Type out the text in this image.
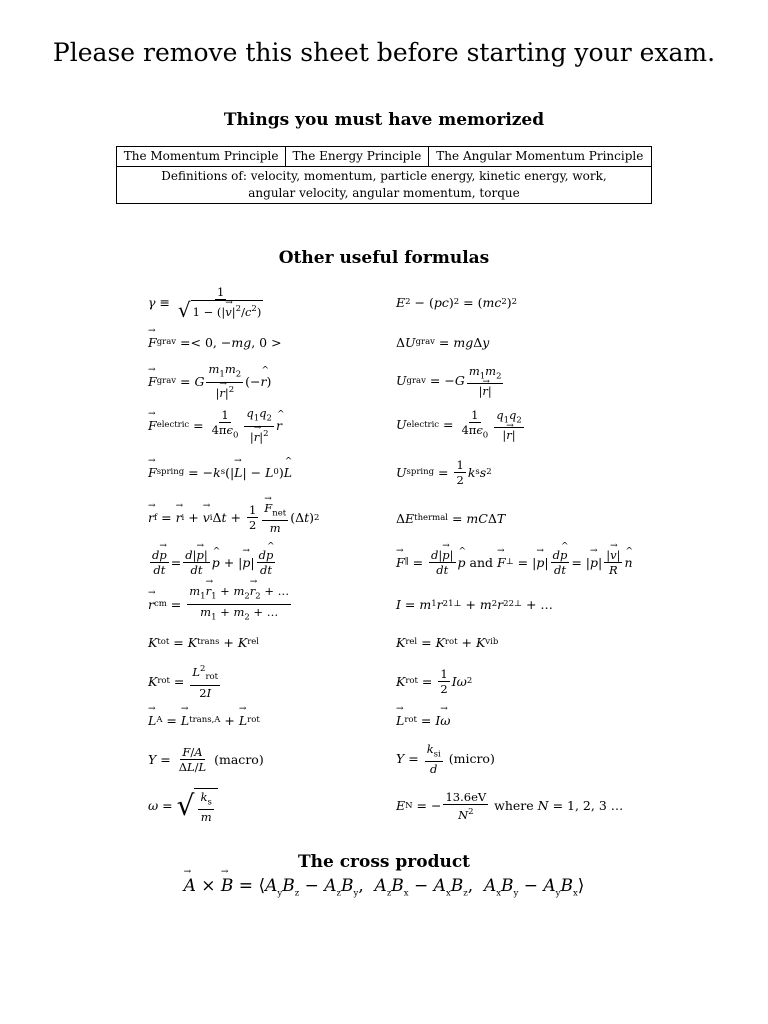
Please remove this sheet before starting your exam.
Things you must have memorized
The Momentum Principle	The Energy Principle	The Angular Momentum Principle

Definitions of: velocity, momentum, particle energy, kinetic energy, work,
angular velocity, angular momentum, torque
Other useful formulas
$\gamma \equiv \frac{1}{√ 1 - (|\to v|^2/c^2)}$	E 2 − ( pc ) 2 = ( mc 2 ) 2
→ F grav =< 0, − mg , 0 >	Δ U grav = mg Δ y
→ F grav = G $\frac{m_1m_2}{|\to r|^2}$ (−
^ r )	U grav = − G $\frac{m_1m_2}{|\to r|}$
→ F electric = $\frac{1}{4\pi\epsilon_0} \frac{q_1q_2}{|\to r|^2}$
^ r	U electric = $\frac{1}{4\pi\epsilon_0} \frac{q_1q_2}{|\to r|}$
→ F spring = − k s (|
→ L | − L 0 )
^ L	U spring = $\frac{1}{2}$ k s s 2
→ r f =
→ r i +
→ v i Δ $t + \frac{1}{2}$
→ $\frac{F_{net}}{m} (\Delta$ t ) 2	Δ E thermal = mC Δ T
$\frac{d\to p}{dt} = \frac{d|\to p|}{dt}$
^ p + |
→ p | $\frac{d\^{} p}{dt}$
→	F ∥ = $\frac{d|\to p|}{dt}$
^ p and
→ F ⊥ = |
→ p | $\frac{d\^{} p}{dt}$ = |
→ p | $\frac{|\to v|}{R}$
^ n
→ r cm = $\frac{m_1\to r_1 + m_2\to r_2 + \dots}{m_1 + m_2 + \dots}$	I = m 1 r 2 1⊥ + m 2 r 2 2⊥ + …
K tot = K trans + K rel	K rel = K rot + K vib
K rot = $\frac{L^2_{rot}}{2I}$	K rot = $\frac{1}{2}$ I ω 2
→ L A =
→ L trans,A +
→ L rot
→	L rot = I
→ ω
$Y = \frac{F/A}{\Delta L/L}$ (macro)	$Y = \frac{k_{si}}{d}$ (micro)
ω = √ $\frac{k_s}{m}$	E N = − $\frac{13.6eV}{N^2}$ where N = 1, 2, 3 …
The cross product
→ A × → $B = ⟨A_yB_z - A_zB_y$,  $A_zB_x - A_xB_z$,  $A_xB_y$ − $A_yB_x⟩$
